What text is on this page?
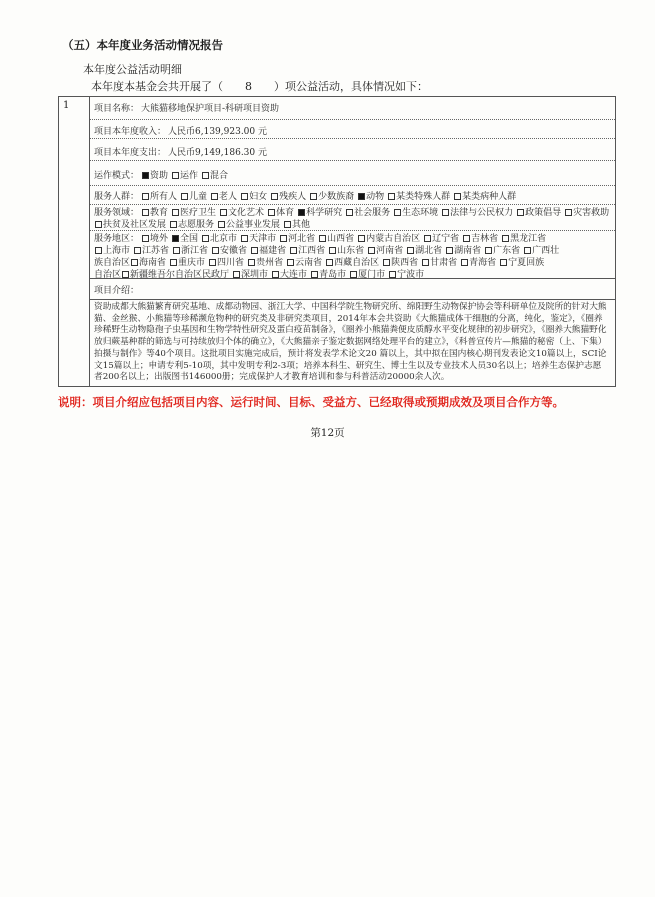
（五）本年度业务活动情况报告
本年度公益活动明细
本年度本基金会共开展了（ 8 ）项公益活动，具体情况如下：
1	项目名称： 大熊猫移地保护项目-科研项目资助
项目本年度收入： 人民币6,139,923.00 元
项目本年度支出： 人民币9,149,186.30 元
运作模式： 资助 运作 混合
服务人群： 所有人 儿童 老人 妇女 残疾人 少数族裔 动物 某类特殊人群 某类病种人群
服务领域： 教育 医疗卫生 文化艺术 体育 科学研究 社会服务 生态环境 法律与公民权力 政策倡导 灾害救助扶贫及社区发展 志愿服务 公益事业发展 其他
服务地区： 境外 全国 北京市 天津市 河北省 山西省 内蒙古自治区 辽宁省 吉林省 黑龙江省
上海市 江苏省 浙江省 安徽省 福建省 江西省 山东省 河南省 湖北省 湖南省 广东省 广西壮
族自治区 海南省 重庆市 四川省 贵州省 云南省 西藏自治区 陕西省 甘肃省 青海省 宁夏回族
自治区 新疆维吾尔自治区民政厅 深圳市 大连市 青岛市 厦门市 宁波市
项目介绍：
资助成都大熊猫繁育研究基地、成都动物园、浙江大学、中国科学院生物研究所、绵阳野生动物保护协会等科研单位及院所的针对大熊猫、金丝猴、小熊猫等珍稀濒危物种的研究类及非研究类项目，2014年本会共资助《大熊猫成体干细胞的分离，纯化，鉴定》，《圈养珍稀野生动物隐孢子虫基因和生物学特性研究及蛋白疫苗制备》，《圈养小熊猫粪便皮质醇水平变化规律的初步研究》，《圈养大熊猫野化放归蕨基种群的筛选与可持续放归个体的确立》，《大熊猫亲子鉴定数据网络处理平台的建立》，《科普宣传片—熊猫的秘密（上、下集）拍摄与制作》等40个项目。这批项目实施完成后，预计将发表学术论文20 篇以上，其中拟在国内核心期刊发表论文10篇以上，SCI论文15篇以上；申请专利5-10项，其中发明专利2-3项；培养本科生、研究生、博士生以及专业技术人员30名以上；培养生态保护志愿者200名以上；出版图书146000册；完成保护人才教育培训和参与科普活动20000余人次。
说明：项目介绍应包括项目内容、运行时间、目标、受益方、已经取得或预期成效及项目合作方等。
第12页
